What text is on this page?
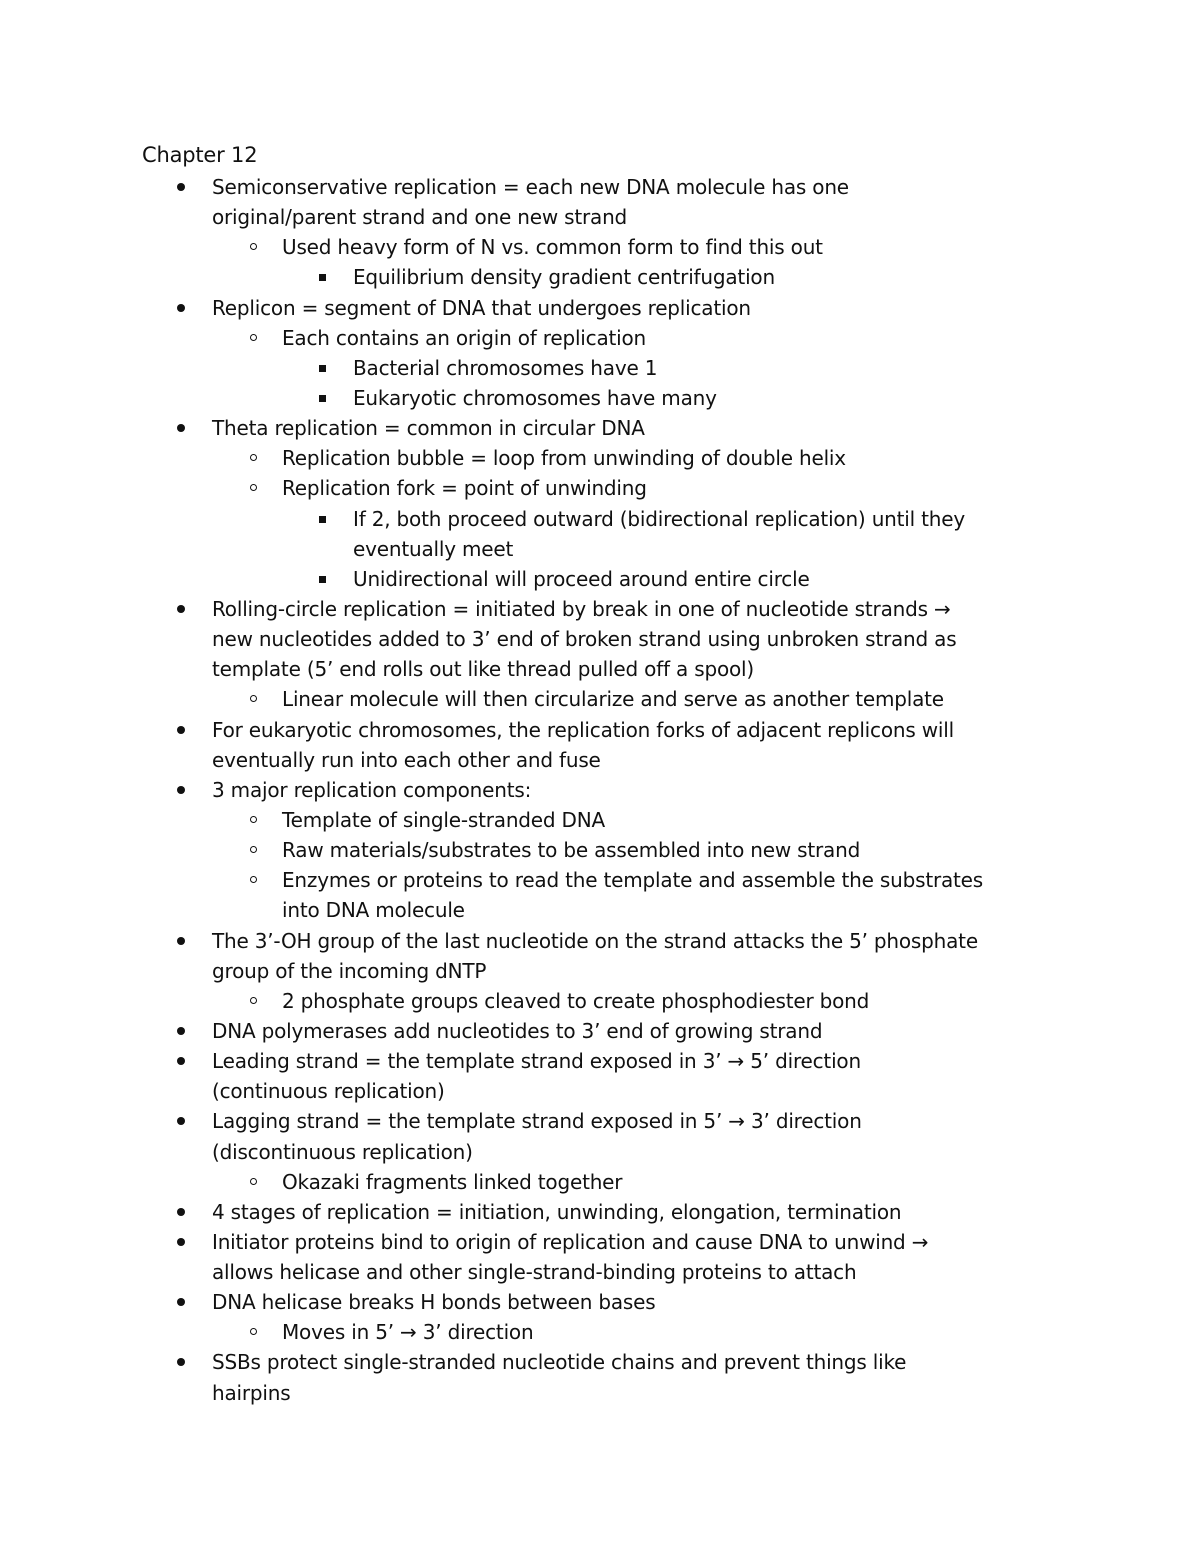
Chapter 12
Semiconservative replication = each new DNA molecule has one
original/parent strand and one new strand
Used heavy form of N vs. common form to find this out
Equilibrium density gradient centrifugation
Replicon = segment of DNA that undergoes replication
Each contains an origin of replication
Bacterial chromosomes have 1
Eukaryotic chromosomes have many
Theta replication = common in circular DNA
Replication bubble = loop from unwinding of double helix
Replication fork = point of unwinding
If 2, both proceed outward (bidirectional replication) until they
eventually meet
Unidirectional will proceed around entire circle
Rolling-circle replication = initiated by break in one of nucleotide strands →
new nucleotides added to 3’ end of broken strand using unbroken strand as
template (5’ end rolls out like thread pulled off a spool)
Linear molecule will then circularize and serve as another template
For eukaryotic chromosomes, the replication forks of adjacent replicons will
eventually run into each other and fuse
3 major replication components:
Template of single-stranded DNA
Raw materials/substrates to be assembled into new strand
Enzymes or proteins to read the template and assemble the substrates
into DNA molecule
The 3’-OH group of the last nucleotide on the strand attacks the 5’ phosphate
group of the incoming dNTP
2 phosphate groups cleaved to create phosphodiester bond
DNA polymerases add nucleotides to 3’ end of growing strand
Leading strand = the template strand exposed in 3’ → 5’ direction
(continuous replication)
Lagging strand = the template strand exposed in 5’ → 3’ direction
(discontinuous replication)
Okazaki fragments linked together
4 stages of replication = initiation, unwinding, elongation, termination
Initiator proteins bind to origin of replication and cause DNA to unwind →
allows helicase and other single-strand-binding proteins to attach
DNA helicase breaks H bonds between bases
Moves in 5’ → 3’ direction
SSBs protect single-stranded nucleotide chains and prevent things like
hairpins
